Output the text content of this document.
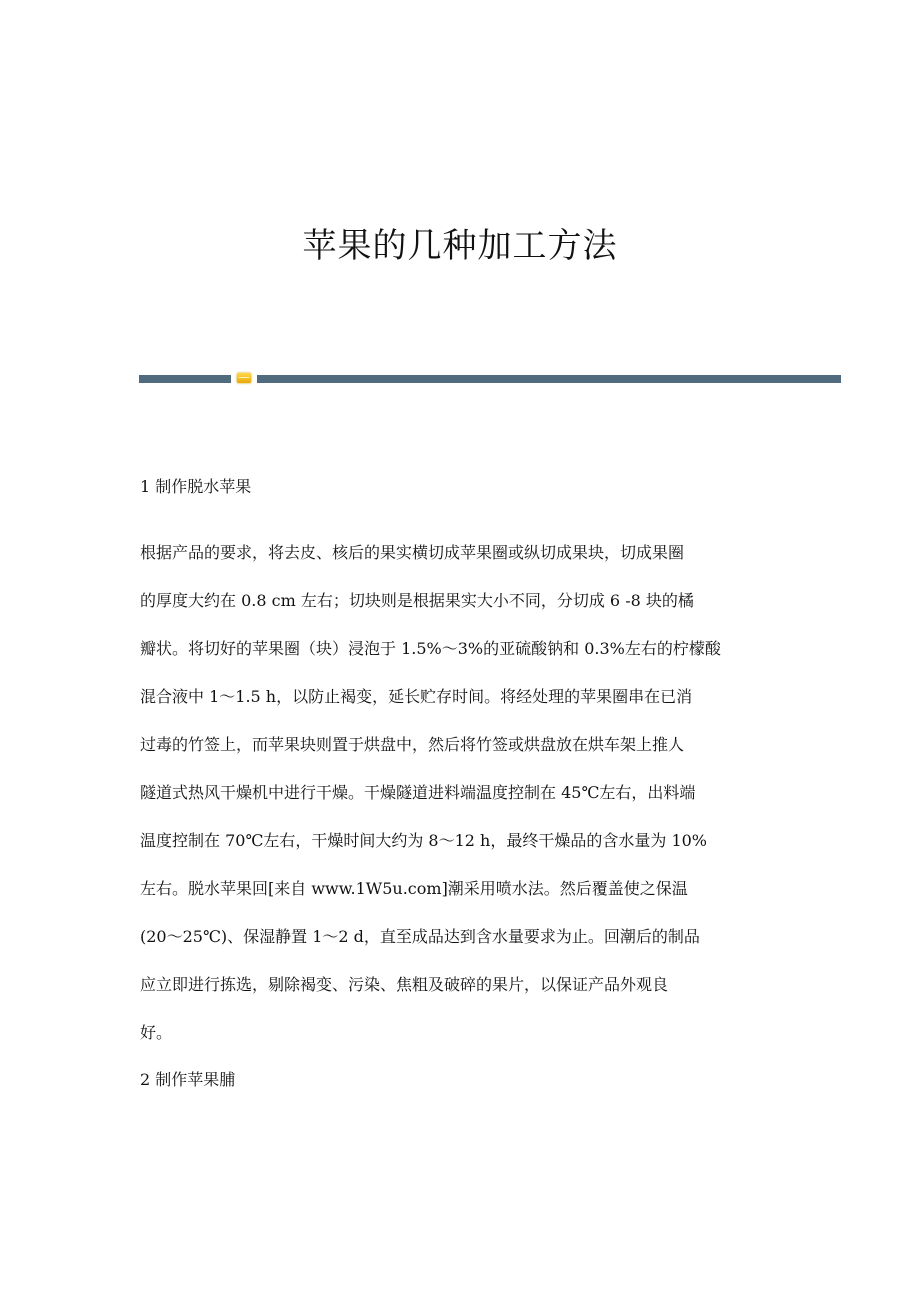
苹果的几种加工方法
1 制作脱水苹果
根据产品的要求，将去皮、核后的果实横切成苹果圈或纵切成果块，切成果圈
的厚度大约在 0.8 cm 左右；切块则是根据果实大小不同，分切成 6 -8 块的橘
瓣状。将切好的苹果圈（块）浸泡于 1.5%～3%的亚硫酸钠和 0.3%左右的柠檬酸
混合液中 1～1.5 h，以防止褐变，延长贮存时间。将经处理的苹果圈串在已消
过毒的竹签上，而苹果块则置于烘盘中，然后将竹签或烘盘放在烘车架上推人
隧道式热风干燥机中进行干燥。干燥隧道进料端温度控制在 45℃左右，出料端
温度控制在 70℃左右，干燥时间大约为 8～12 h，最终干燥品的含水量为 10%
左右。脱水苹果回[来自 www.1W5u.com]潮采用喷水法。然后覆盖使之保温
(20～25℃)、保湿静置 1～2 d，直至成品达到含水量要求为止。回潮后的制品
应立即进行拣选，剔除褐变、污染、焦粗及破碎的果片，以保证产品外观良
好。
2 制作苹果脯
